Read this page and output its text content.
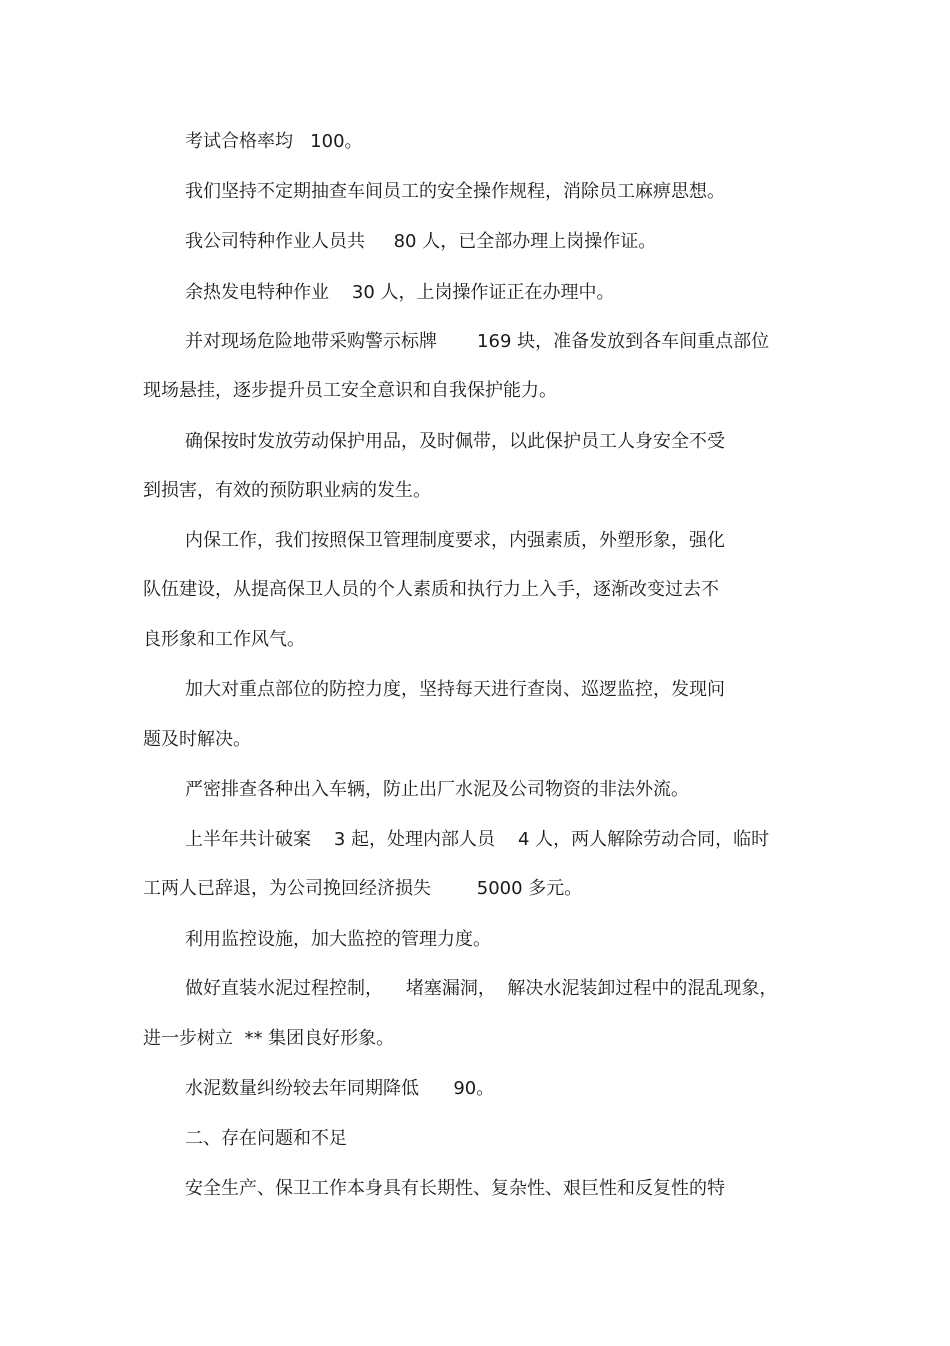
考试合格率均   100。
我们坚持不定期抽查车间员工的安全操作规程，消除员工麻痹思想。
我公司特种作业人员共     80 人，已全部办理上岗操作证。
余热发电特种作业    30 人，上岗操作证正在办理中。
并对现场危险地带采购警示标牌       169 块，准备发放到各车间重点部位
现场悬挂，逐步提升员工安全意识和自我保护能力。
确保按时发放劳动保护用品，及时佩带，以此保护员工人身安全不受
到损害，有效的预防职业病的发生。
内保工作，我们按照保卫管理制度要求，内强素质，外塑形象，强化
队伍建设，从提高保卫人员的个人素质和执行力上入手，逐渐改变过去不
良形象和工作风气。
加大对重点部位的防控力度，坚持每天进行查岗、巡逻监控，发现问
题及时解决。
严密排查各种出入车辆，防止出厂水泥及公司物资的非法外流。
上半年共计破案    3 起，处理内部人员    4 人，两人解除劳动合同，临时
工两人已辞退，为公司挽回经济损失        5000 多元。
利用监控设施，加大监控的管理力度。
做好直装水泥过程控制，    堵塞漏洞，  解决水泥装卸过程中的混乱现象，
进一步树立  ** 集团良好形象。
水泥数量纠纷较去年同期降低      90。
二、存在问题和不足
安全生产、保卫工作本身具有长期性、复杂性、艰巨性和反复性的特
